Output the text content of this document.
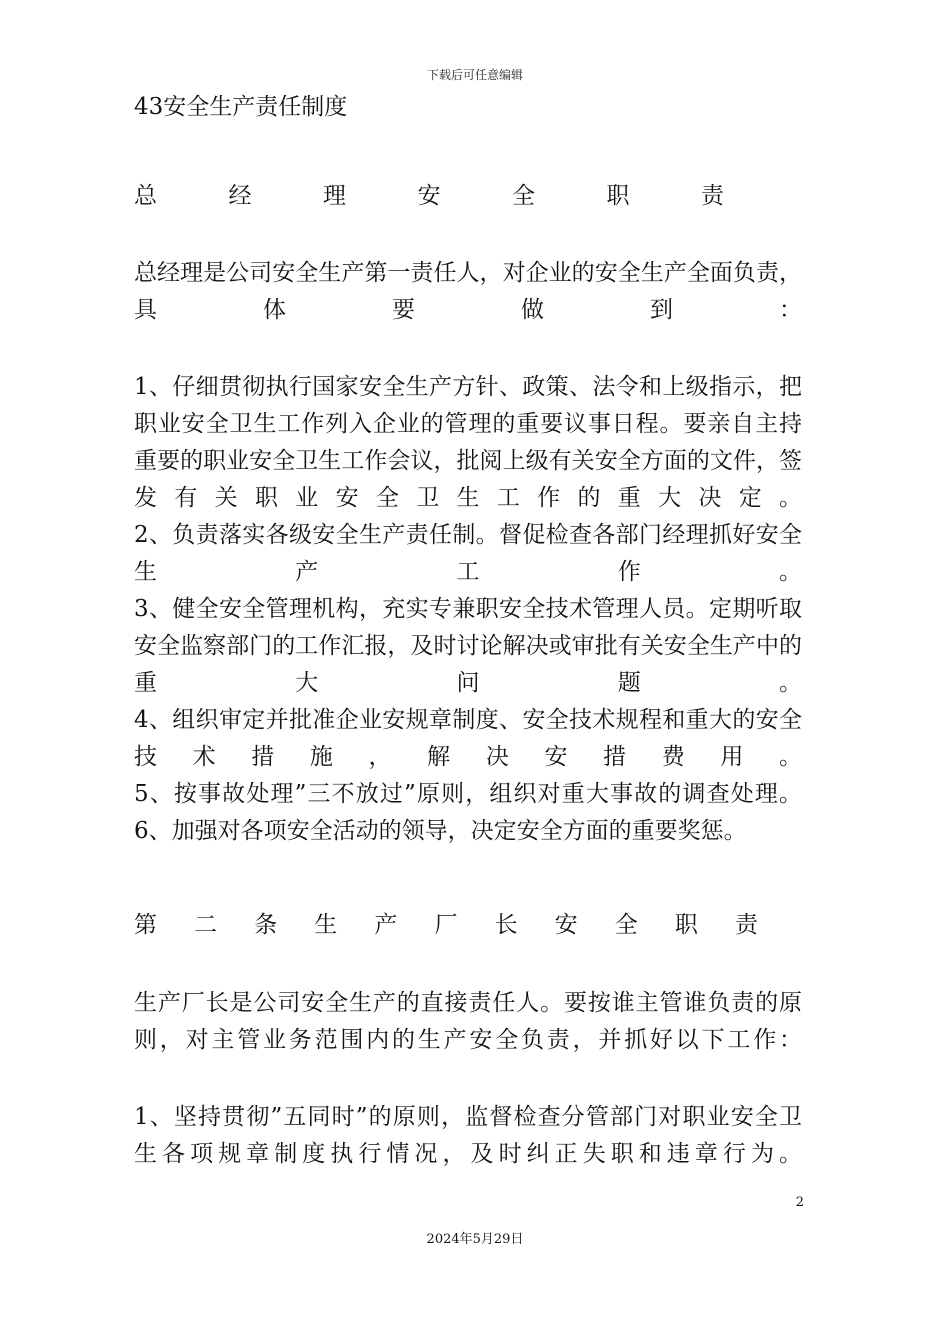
下载后可任意编辑
43安全生产责任制度
总	经	理	安	全	职	责
总经理是公司安全生产第一责任人，对企业的安全生产全面负责，
具	体	要	做	到	：
1、仔细贯彻执行国家安全生产方针、政策、法令和上级指示，把
职业安全卫生工作列入企业的管理的重要议事日程。要亲自主持
重要的职业安全卫生工作会议，批阅上级有关安全方面的文件，签
发有关职业安全卫生工作的重大决定。
2、负责落实各级安全生产责任制。督促检查各部门经理抓好安全
生产工作。
3、健全安全管理机构，充实专兼职安全技术管理人员。定期听取
安全监察部门的工作汇报，及时讨论解决或审批有关安全生产中的
重大问题。
4、组织审定并批准企业安规章制度、安全技术规程和重大的安全
技术措施，解决安措费用。
5、按事故处理”三不放过”原则，组织对重大事故的调查处理。
6、加强对各项安全活动的领导，决定安全方面的重要奖惩。
第 二 条 生 产 厂 长 安 全 职 责
生产厂长是公司安全生产的直接责任人。要按谁主管谁负责的原
则，对主管业务范围内的生产安全负责，并抓好以下工作：
1、坚持贯彻”五同时”的原则，监督检查分管部门对职业安全卫
生各项规章制度执行情况，及时纠正失职和违章行为。
2
2024年5月29日
